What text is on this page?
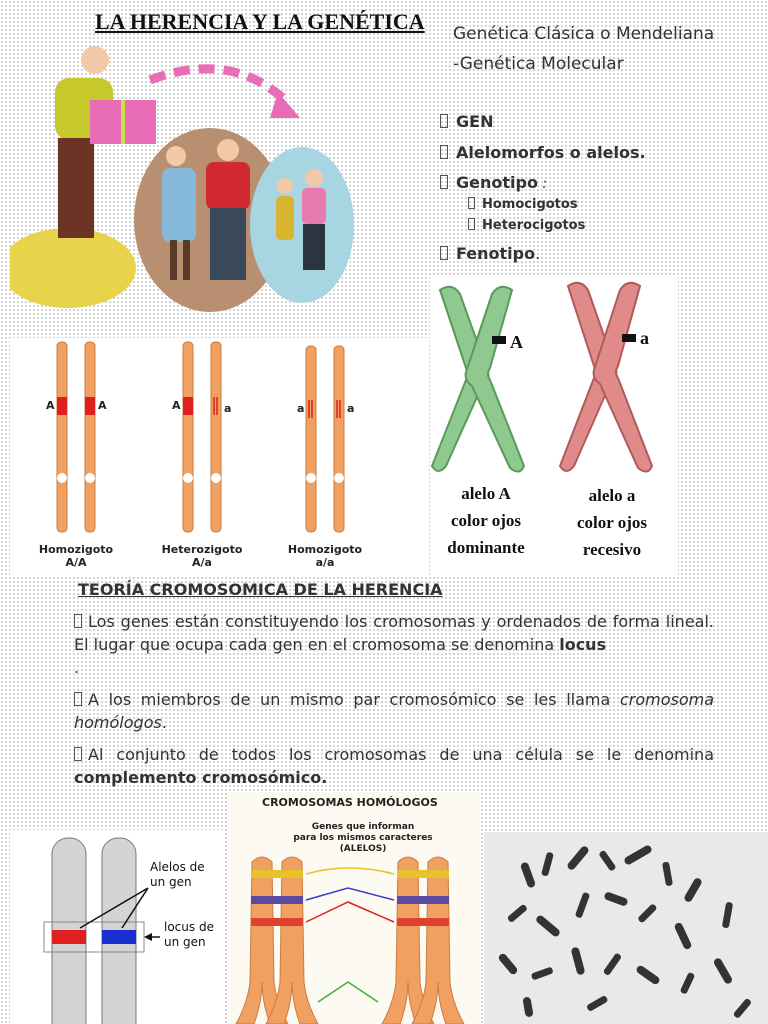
LA HERENCIA Y LA GENÉTICA Genética Clásica o Mendeliana
-Genética Molecular
GEN
Alelomorfos o alelos.
Genotipo :
Homocigotos
Heterocigotos
Fenotipo.
A	A	A	a	a	a
Homozigoto
A/A
Heterozigoto
A/a
Homozigoto
a/a
A	a
alelo A
color ojos
dominante
alelo a
color ojos
recesivo
TEORÍA CROMOSOMICA DE LA HERENCIA

Los genes están constituyendo los cromosomas y ordenados de forma lineal. El lugar que ocupa cada gen en el cromosoma se denomina locus
.

A los miembros de un mismo par cromosómico se les llama cromosoma homólogos.

Al conjunto de todos los cromosomas de una célula se le denomina complemento cromosómico.

Alelos de
un gen
locus de
un gen
CROMOSOMAS HOMÓLOGOS
Genes que informan
para los mismos caracteres
(ALELOS)
